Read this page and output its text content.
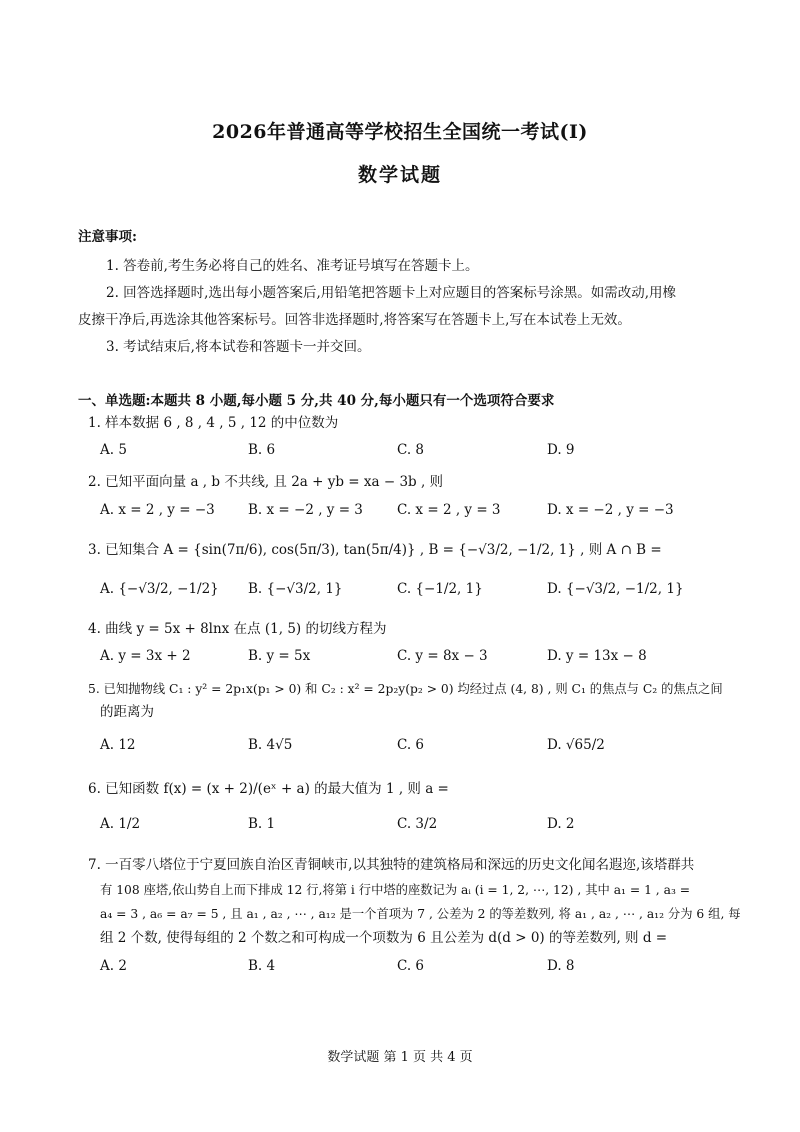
2026年普通高等学校招生全国统一考试(I)
数学试题
注意事项:
1. 答卷前,考生务必将自己的姓名、准考证号填写在答题卡上。
2. 回答选择题时,选出每小题答案后,用铅笔把答题卡上对应题目的答案标号涂黑。如需改动,用橡
皮擦干净后,再选涂其他答案标号。回答非选择题时,将答案写在答题卡上,写在本试卷上无效。
3. 考试结束后,将本试卷和答题卡一并交回。
一、单选题:本题共 8 小题,每小题 5 分,共 40 分,每小题只有一个选项符合要求
1. 样本数据 6 , 8 , 4 , 5 , 12 的中位数为
A. 5	B. 6	C. 8	D. 9
2. 已知平面向量 a , b 不共线, 且 2a + yb = xa − 3b , 则
A. x = 2 , y = −3 B. x = −2 , y = 3	C. x = 2 , y = 3	D. x = −2 , y = −3
3. 已知集合 A = {sin(7π/6), cos(5π/3), tan(5π/4)} , B = {−√3/2, −1/2, 1} , 则 A ∩ B =
A. {−√3/2, −1/2} B. {−√3/2, 1}	C. {−1/2, 1}	D. {−√3/2, −1/2, 1}
4. 曲线 y = 5x + 8lnx 在点 (1, 5) 的切线方程为
A. y = 3x + 2	B. y = 5x	C. y = 8x − 3	D. y = 13x − 8
5. 已知抛物线 C₁ : y² = 2p₁x(p₁ > 0) 和 C₂ : x² = 2p₂y(p₂ > 0) 均经过点 (4, 8) , 则 C₁ 的焦点与 C₂ 的焦点之间
的距离为
A. 12	B. 4√5	C. 6	D. √65/2
6. 已知函数 f(x) = (x + 2)/(eˣ + a) 的最大值为 1 , 则 a =
A. 1/2	B. 1	C. 3/2	D. 2
7. 一百零八塔位于宁夏回族自治区青铜峡市,以其独特的建筑格局和深远的历史文化闻名遐迩,该塔群共
有 108 座塔,依山势自上而下排成 12 行,将第 i 行中塔的座数记为 aᵢ (i = 1, 2, ⋯, 12) , 其中 a₁ = 1 , a₃ =
a₄ = 3 , a₆ = a₇ = 5 , 且 a₁ , a₂ , ⋯ , a₁₂ 是一个首项为 7 , 公差为 2 的等差数列, 将 a₁ , a₂ , ⋯ , a₁₂ 分为 6 组, 每
组 2 个数, 使得每组的 2 个数之和可构成一个项数为 6 且公差为 d(d > 0) 的等差数列, 则 d =
A. 2	B. 4	C. 6	D. 8
数学试题 第 1 页 共 4 页
